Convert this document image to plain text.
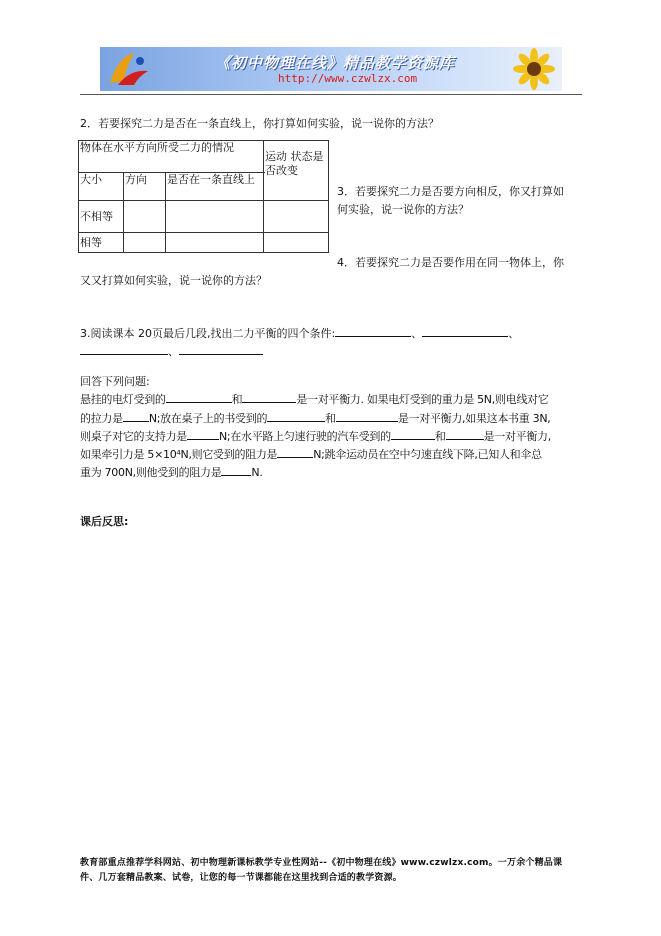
《初中物理在线》精品教学资源库
http://www.czwlzx.com
2．若要探究二力是否在一条直线上，你打算如何实验，说一说你的方法？
物体在水平方向所受二力的情况			运动 状态是否改变
大小	方向	是否在一条直线上	
不相等			
相等			
3．若要探究二力是否要方向相反，你又打算如
何实验，说一说你的方法？
4．若要探究二力是否要作用在同一物体上，你
又又打算如何实验，说一说你的方法？
3.阅读课本 20页最后几段,找出二力平衡的四个条件:	、	、
、
回答下列问题:
悬挂的电灯受到的	和	是一对平衡力. 如果电灯受到的重力是 5N,则电线对它
的拉力是 N;放在桌子上的书受到的	和	是一对平衡力,如果这本书重 3N,
则桌子对它的支持力是	N;在水平路上匀速行驶的汽车受到的	和	是一对平衡力,
如果牵引力是 5×10⁴N,则它受到的阻力是	N;跳伞运动员在空中匀速直线下降,已知人和伞总
重为 700N,则他受到的阻力是	N.
课后反思:
教育部重点推荐学科网站、初中物理新课标教学专业性网站--《初中物理在线》www.czwlzx.com。一万余个精品课
件、几万套精品教案、试卷，让您的每一节课都能在这里找到合适的教学资源。
